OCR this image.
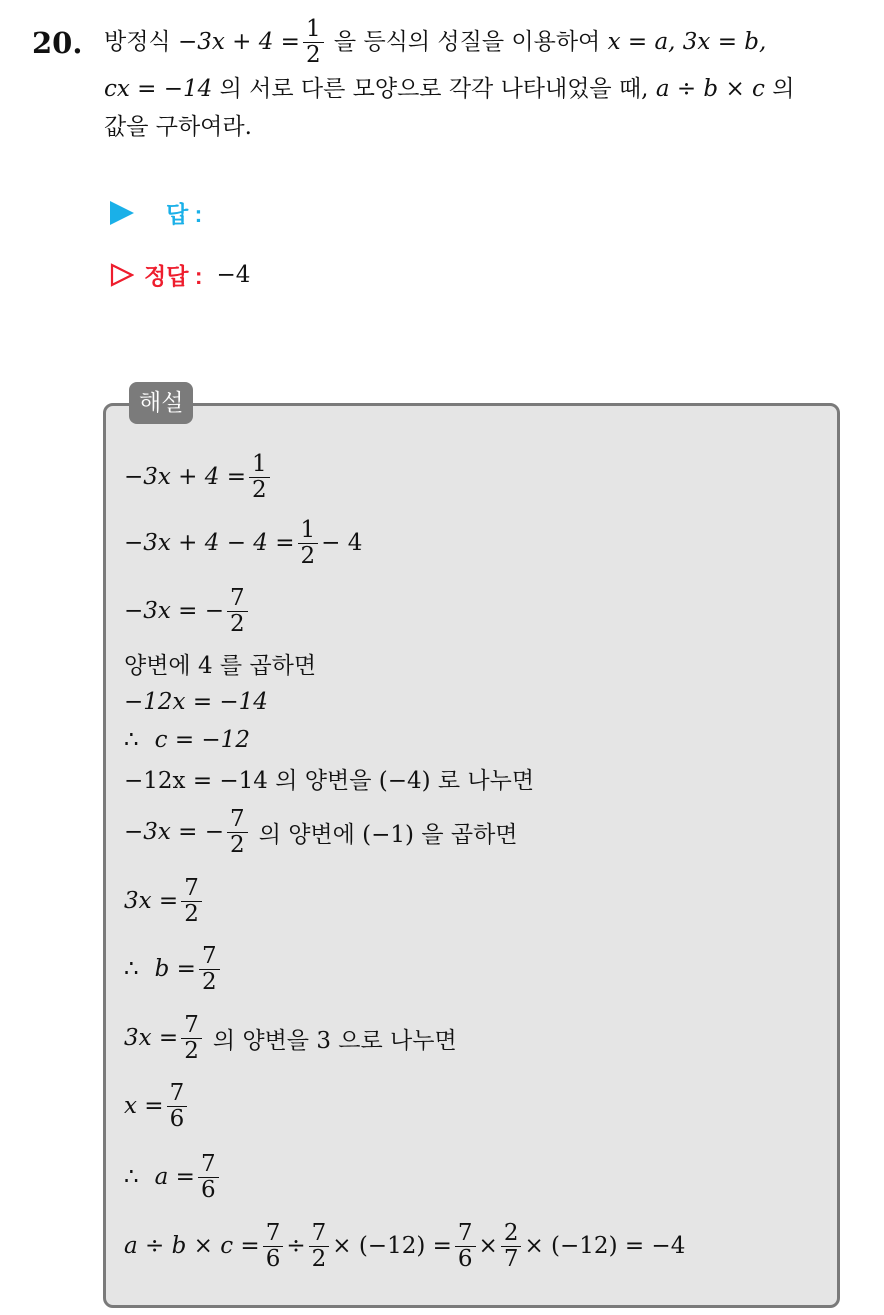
20. 방정식
$-3x + 4 = \frac{1}{2}$
을 등식의 성질을 이용하여
x = a,
3x = b,
cx = −14
의 서로 다른 모양으로 각각 나타내었을 때,
a ÷ b × c
의
값을 구하여라.
답 :
정답 : −4
해설
$-3x + 4 = \frac{1}{2}$
$-3x + 4 - 4 = \frac{1}{2} - 4$
−3x = − $\frac{7}{2}$
양변에 4 를 곱하면
−12x = −14
∴ c = −12
−12x = −14 의 양변을 (−4) 로 나누면
−3x = − $\frac{7}{2}$ 의 양변에 (−1) 을 곱하면
$3x = \frac{7}{2}$
∴ $b = \frac{7}{2}$
$3x = \frac{7}{2}$ 의 양변을 3 으로 나누면
$x = \frac{7}{6}$
∴ $a = \frac{7}{6}$
$a \div b \times c = \frac{7}{6} \div \frac{7}{2} \times (-12) = \frac{7}{6} \times \frac{2}{7} \times (-12) = -4$
